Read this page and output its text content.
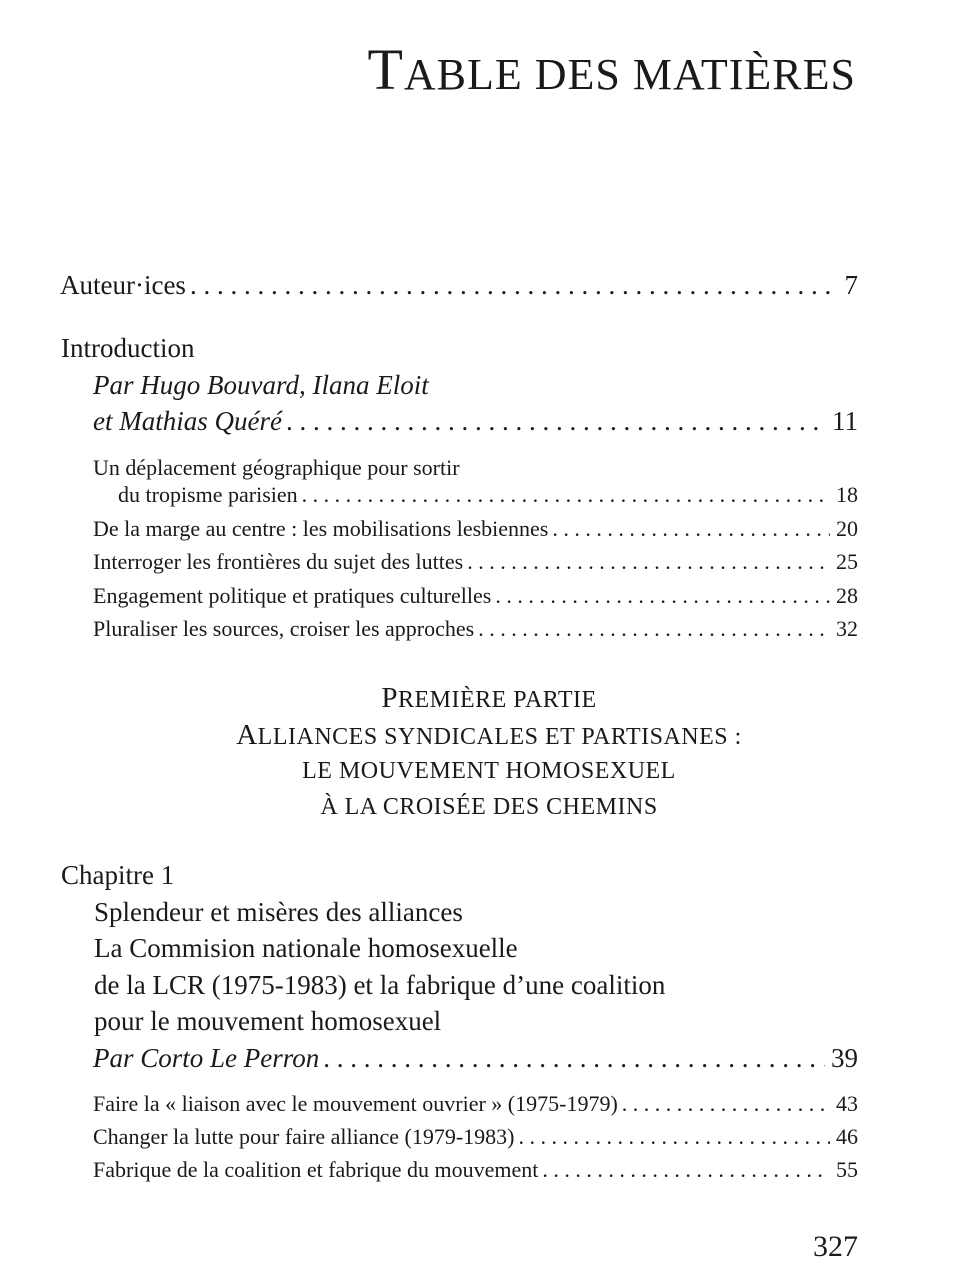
TABLE DES MATIÈRES
Auteur·ices . . .	7
Introduction
Par Hugo Bouvard, Ilana Eloit
et Mathias Quéré . . .	11
Un déplacement géographique pour sortir
du tropisme parisien . . .	18
De la marge au centre : les mobilisations lesbiennes . . .	20
Interroger les frontières du sujet des luttes . . .	25
Engagement politique et pratiques culturelles . . .	28
Pluraliser les sources, croiser les approches . . .	32
PREMIÈRE PARTIE
ALLIANCES SYNDICALES ET PARTISANES :
LE MOUVEMENT HOMOSEXUEL
À LA CROISÉE DES CHEMINS
Chapitre 1
Splendeur et misères des alliances
La Commision nationale homosexuelle
de la LCR (1975-1983) et la fabrique d’une coalition
pour le mouvement homosexuel
Par Corto Le Perron . . .	39
Faire la « liaison avec le mouvement ouvrier » (1975-1979) . . .	43
Changer la lutte pour faire alliance (1979-1983) . . .	46
Fabrique de la coalition et fabrique du mouvement . . .	55
327
